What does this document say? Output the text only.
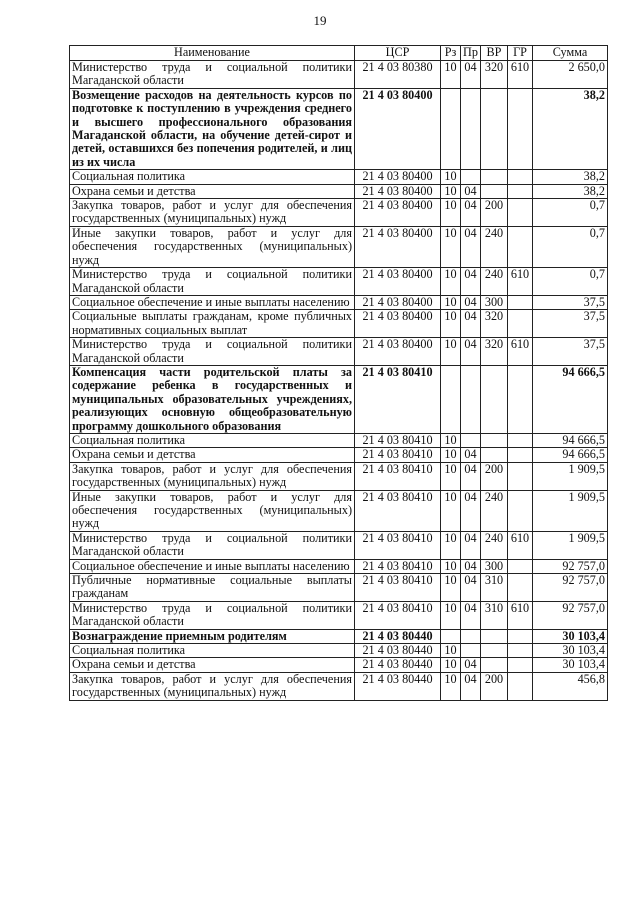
19
Наименование	ЦСР	Рз	Пр	ВР	ГР	Сумма
Министерство труда и социальной политики Магаданской области	21 4 03 80380	10	04	320	610	2 650,0
Возмещение расходов на деятельность курсов по подготовке к поступлению в учреждения среднего и высшего профессионального образования Магаданской области, на обучение детей-сирот и детей, оставшихся без попечения родителей, и лиц из их числа	21 4 03 80400					38,2
Социальная политика	21 4 03 80400	10				38,2
Охрана семьи и детства	21 4 03 80400	10	04			38,2
Закупка товаров, работ и услуг для обеспечения государственных (муниципальных) нужд	21 4 03 80400	10	04	200		0,7
Иные закупки товаров, работ и услуг для обеспечения государственных (муниципальных) нужд	21 4 03 80400	10	04	240		0,7
Министерство труда и социальной политики Магаданской области	21 4 03 80400	10	04	240	610	0,7
Социальное обеспечение и иные выплаты населению	21 4 03 80400	10	04	300		37,5
Социальные выплаты гражданам, кроме публичных нормативных социальных выплат	21 4 03 80400	10	04	320		37,5
Министерство труда и социальной политики Магаданской области	21 4 03 80400	10	04	320	610	37,5
Компенсация части родительской платы за содержание ребенка в государственных и муниципальных образовательных учреждениях, реализующих основную общеобразовательную программу дошкольного образования	21 4 03 80410					94 666,5
Социальная политика	21 4 03 80410	10				94 666,5
Охрана семьи и детства	21 4 03 80410	10	04			94 666,5
Закупка товаров, работ и услуг для обеспечения государственных (муниципальных) нужд	21 4 03 80410	10	04	200		1 909,5
Иные закупки товаров, работ и услуг для обеспечения государственных (муниципальных) нужд	21 4 03 80410	10	04	240		1 909,5
Министерство труда и социальной политики Магаданской области	21 4 03 80410	10	04	240	610	1 909,5
Социальное обеспечение и иные выплаты населению	21 4 03 80410	10	04	300		92 757,0
Публичные нормативные социальные выплаты гражданам	21 4 03 80410	10	04	310		92 757,0
Министерство труда и социальной политики Магаданской области	21 4 03 80410	10	04	310	610	92 757,0
Вознаграждение приемным родителям	21 4 03 80440					30 103,4
Социальная политика	21 4 03 80440	10				30 103,4
Охрана семьи и детства	21 4 03 80440	10	04			30 103,4
Закупка товаров, работ и услуг для обеспечения государственных (муниципальных) нужд	21 4 03 80440	10	04	200		456,8
